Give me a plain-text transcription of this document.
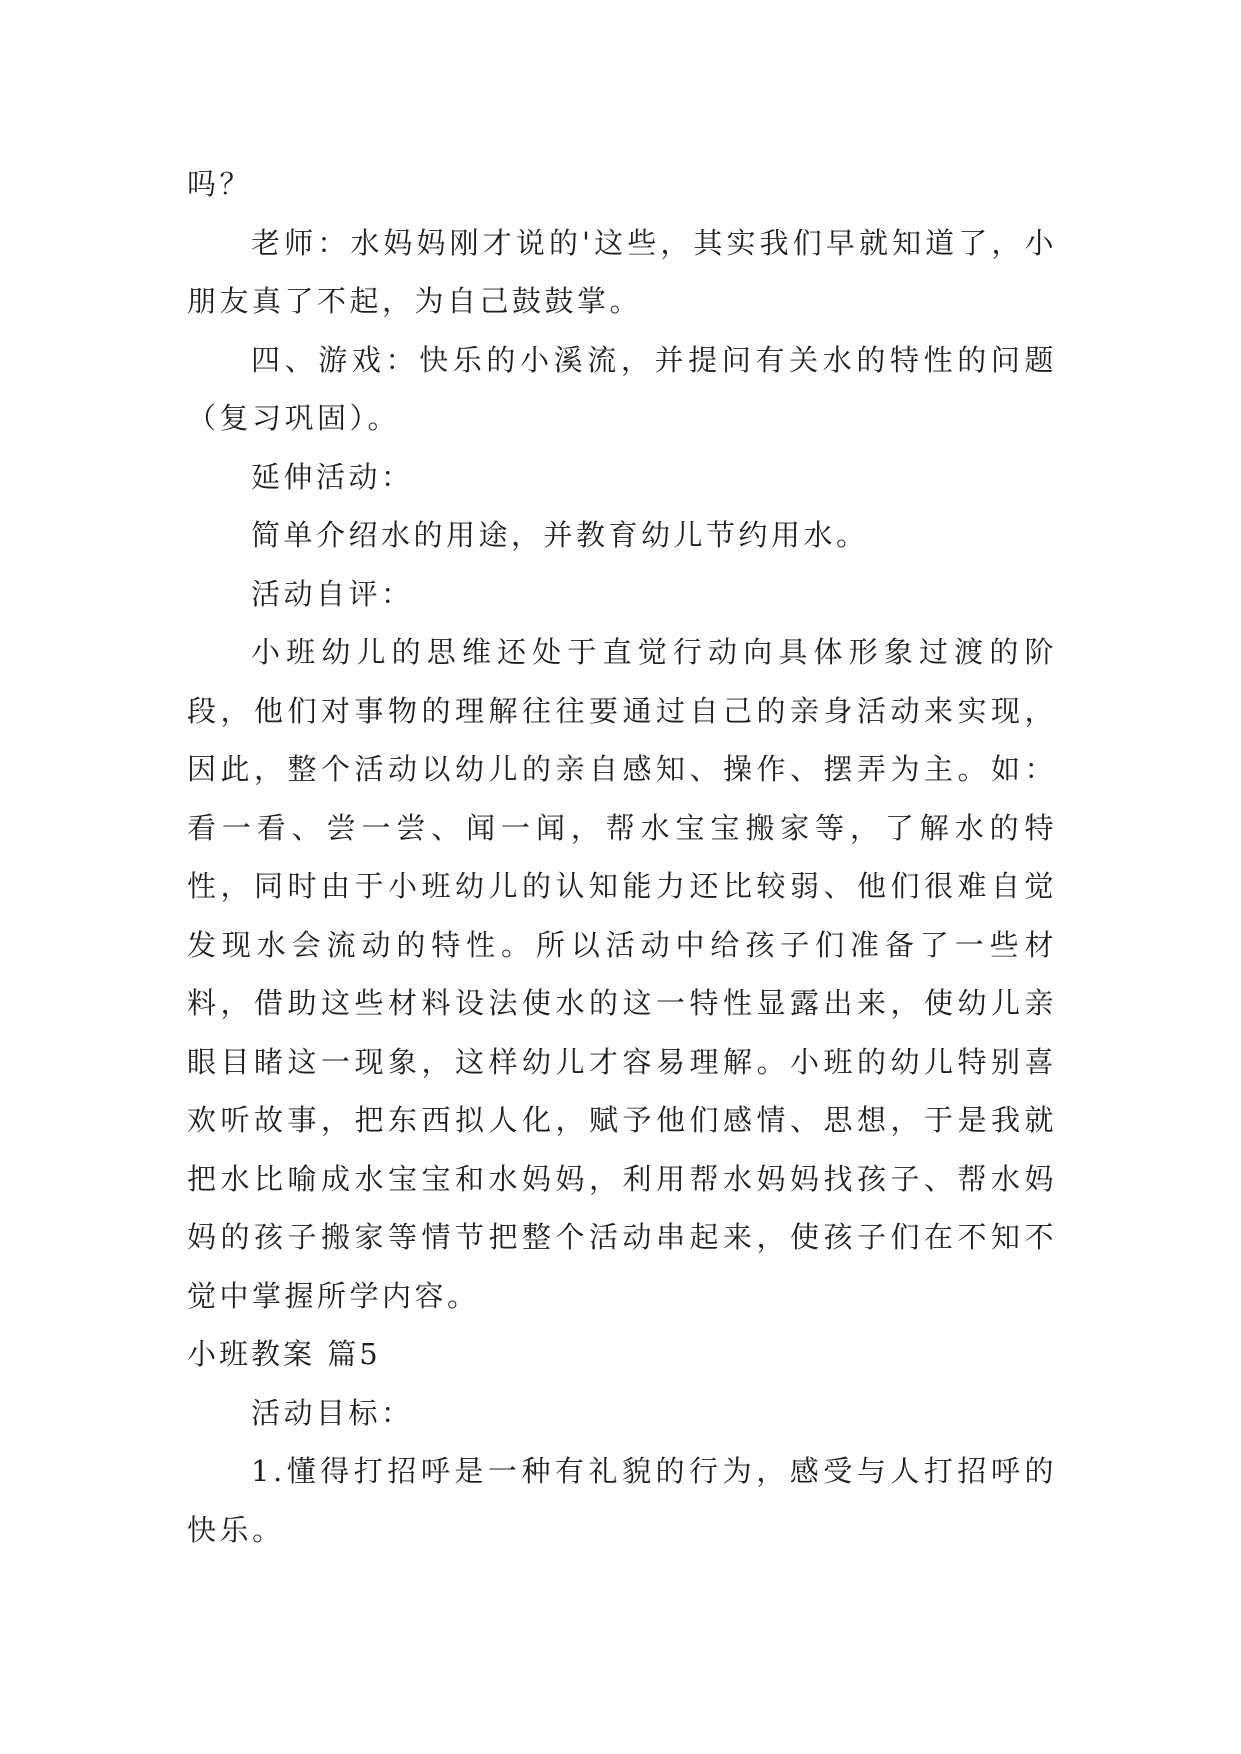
吗？

老师：水妈妈刚才说的'这些，其实我们早就知道了，小朋友真了不起，为自己鼓鼓掌。

四、游戏：快乐的小溪流，并提问有关水的特性的问题（复习巩固）。

延伸活动：

简单介绍水的用途，并教育幼儿节约用水。

活动自评：

小班幼儿的思维还处于直觉行动向具体形象过渡的阶段，他们对事物的理解往往要通过自己的亲身活动来实现，因此，整个活动以幼儿的亲自感知、操作、摆弄为主。如：看一看、尝一尝、闻一闻，帮水宝宝搬家等，了解水的特性，同时由于小班幼儿的认知能力还比较弱、他们很难自觉发现水会流动的特性。所以活动中给孩子们准备了一些材料，借助这些材料设法使水的这一特性显露出来，使幼儿亲眼目睹这一现象，这样幼儿才容易理解。小班的幼儿特别喜欢听故事，把东西拟人化，赋予他们感情、思想，于是我就把水比喻成水宝宝和水妈妈，利用帮水妈妈找孩子、帮水妈妈的孩子搬家等情节把整个活动串起来，使孩子们在不知不觉中掌握所学内容。

小班教案 篇5

活动目标：

1.懂得打招呼是一种有礼貌的行为，感受与人打招呼的快乐。
